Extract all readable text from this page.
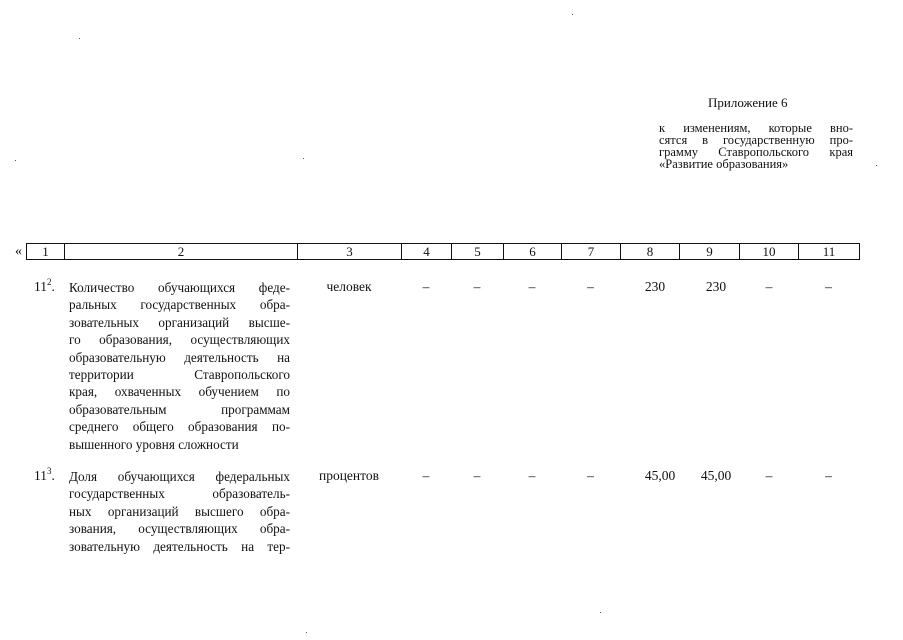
Приложение 6
к изменениям, которые вно-
сятся в государственную про-
грамму Ставропольского края
«Развитие образования»
«	1	2	3	4	5	6	7	8	9	10	11
$11^2$. Количество обучающихся феде-
ральных государственных обра-
зовательных организаций высше-
го образования, осуществляющих
образовательную деятельность на
территории Ставропольского
края, охваченных обучением по
образовательным программам
среднего общего образования по-
вышенного уровня сложности
человек	–	–	–	–	230	230	–	–
$11^3$. Доля обучающихся федеральных
государственных образователь-
ных организаций высшего обра-
зования, осуществляющих обра-
зовательную деятельность на тер-
процентов	–	–	–	–	45,00	45,00	–	–
